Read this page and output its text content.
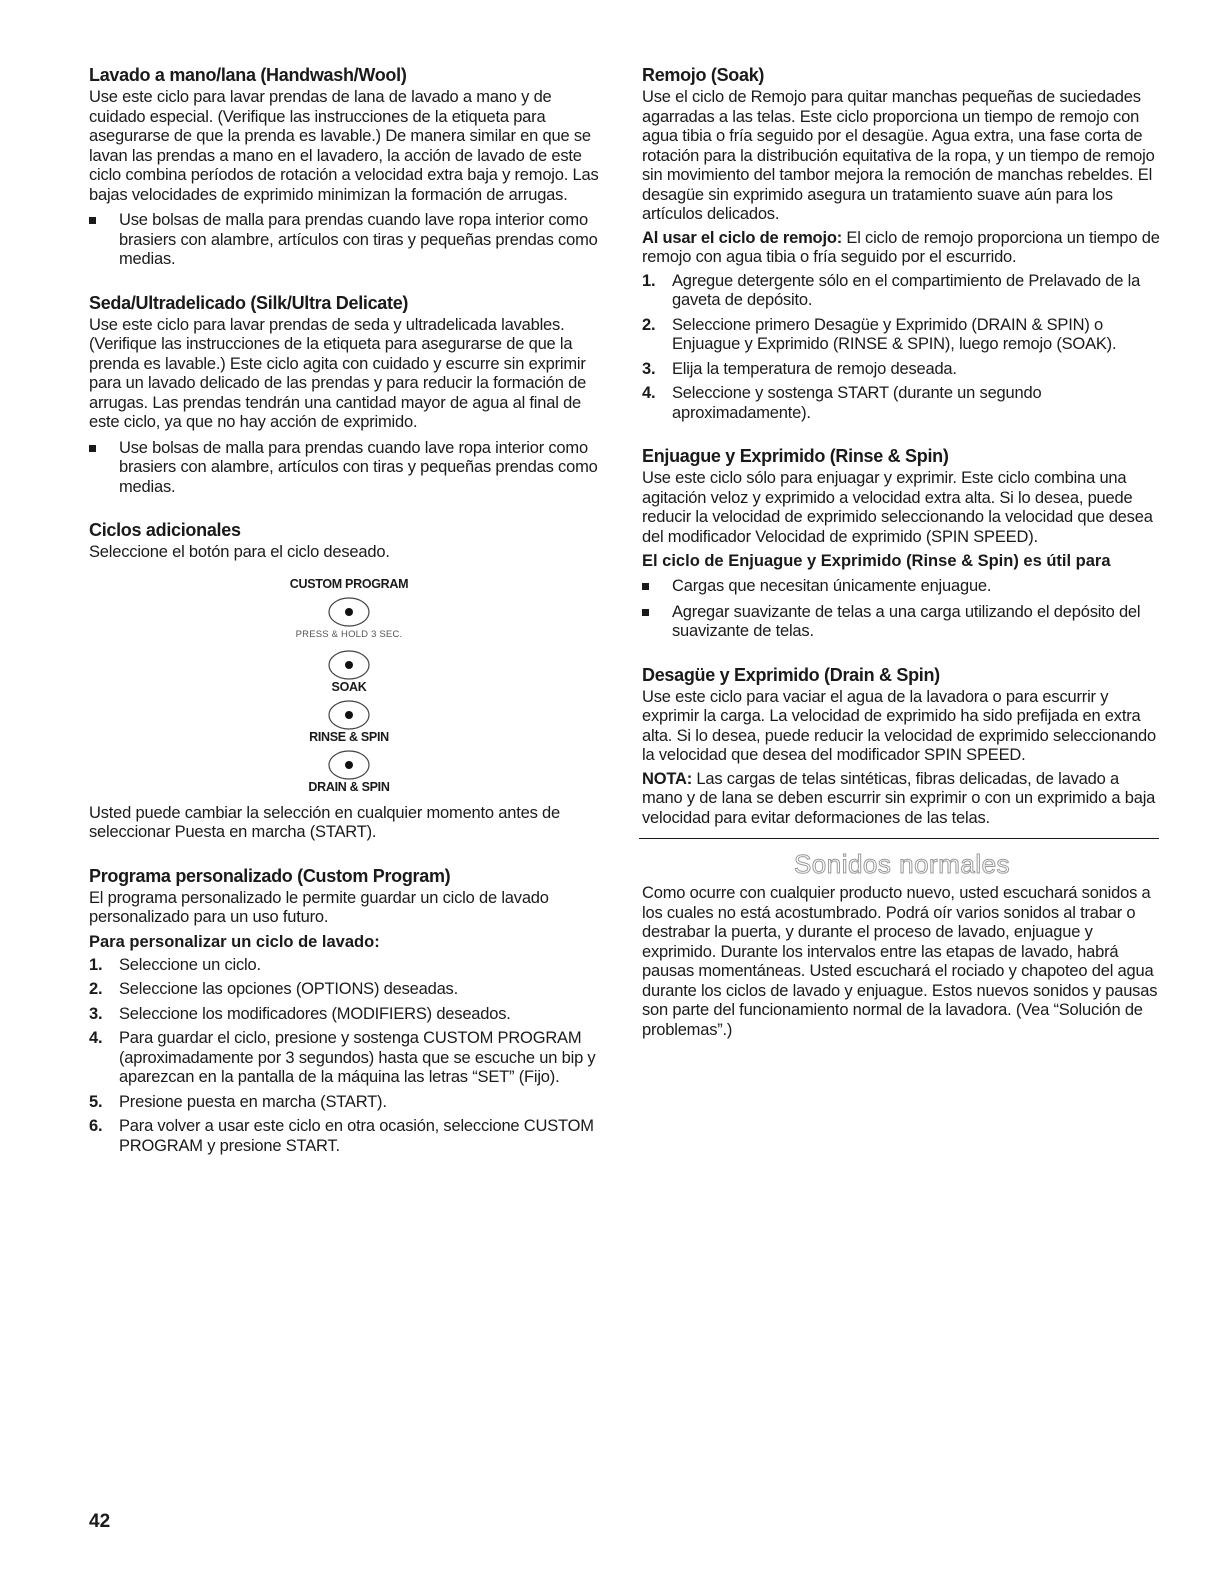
Lavado a mano/lana (Handwash/Wool)

Use este ciclo para lavar prendas de lana de lavado a mano y de cuidado especial. (Verifique las instrucciones de la etiqueta para asegurarse de que la prenda es lavable.) De manera similar en que se lavan las prendas a mano en el lavadero, la acción de lavado de este ciclo combina períodos de rotación a velocidad extra baja y remojo. Las bajas velocidades de exprimido minimizan la formación de arrugas.

Use bolsas de malla para prendas cuando lave ropa interior como brasiers con alambre, artículos con tiras y pequeñas prendas como medias.
Seda/Ultradelicado (Silk/Ultra Delicate)

Use este ciclo para lavar prendas de seda y ultradelicada lavables. (Verifique las instrucciones de la etiqueta para asegurarse de que la prenda es lavable.) Este ciclo agita con cuidado y escurre sin exprimir para un lavado delicado de las prendas y para reducir la formación de arrugas. Las prendas tendrán una cantidad mayor de agua al final de este ciclo, ya que no hay acción de exprimido.

Use bolsas de malla para prendas cuando lave ropa interior como brasiers con alambre, artículos con tiras y pequeñas prendas como medias.
Ciclos adicionales

Seleccione el botón para el ciclo deseado.

CUSTOM PROGRAM
PRESS & HOLD 3 SEC.
SOAK
RINSE & SPIN
DRAIN & SPIN

Usted puede cambiar la selección en cualquier momento antes de seleccionar Puesta en marcha (START).

Programa personalizado (Custom Program)

El programa personalizado le permite guardar un ciclo de lavado personalizado para un uso futuro.

Para personalizar un ciclo de lavado:
1. Seleccione un ciclo.
2. Seleccione las opciones (OPTIONS) deseadas.
3. Seleccione los modificadores (MODIFIERS) deseados.
4. Para guardar el ciclo, presione y sostenga CUSTOM PROGRAM (aproximadamente por 3 segundos) hasta que se escuche un bip y aparezcan en la pantalla de la máquina las letras “SET” (Fijo).
5. Presione puesta en marcha (START).
6. Para volver a usar este ciclo en otra ocasión, seleccione CUSTOM PROGRAM y presione START.
Remojo (Soak)

Use el ciclo de Remojo para quitar manchas pequeñas de suciedades agarradas a las telas. Este ciclo proporciona un tiempo de remojo con agua tibia o fría seguido por el desagüe. Agua extra, una fase corta de rotación para la distribución equitativa de la ropa, y un tiempo de remojo sin movimiento del tambor mejora la remoción de manchas rebeldes. El desagüe sin exprimido asegura un tratamiento suave aún para los artículos delicados.

Al usar el ciclo de remojo: El ciclo de remojo proporciona un tiempo de remojo con agua tibia o fría seguido por el escurrido.

1. Agregue detergente sólo en el compartimiento de Prelavado de la gaveta de depósito.
2. Seleccione primero Desagüe y Exprimido (DRAIN & SPIN) o Enjuague y Exprimido (RINSE & SPIN), luego remojo (SOAK).
3. Elija la temperatura de remojo deseada.
4. Seleccione y sostenga START (durante un segundo aproximadamente).
Enjuague y Exprimido (Rinse & Spin)

Use este ciclo sólo para enjuagar y exprimir. Este ciclo combina una agitación veloz y exprimido a velocidad extra alta. Si lo desea, puede reducir la velocidad de exprimido seleccionando la velocidad que desea del modificador Velocidad de exprimido (SPIN SPEED).

El ciclo de Enjuague y Exprimido (Rinse & Spin) es útil para
Cargas que necesitan únicamente enjuague.
Agregar suavizante de telas a una carga utilizando el depósito del suavizante de telas.
Desagüe y Exprimido (Drain & Spin)

Use este ciclo para vaciar el agua de la lavadora o para escurrir y exprimir la carga. La velocidad de exprimido ha sido prefijada en extra alta. Si lo desea, puede reducir la velocidad de exprimido seleccionando la velocidad que desea del modificador SPIN SPEED.

NOTA: Las cargas de telas sintéticas, fibras delicadas, de lavado a mano y de lana se deben escurrir sin exprimir o con un exprimido a baja velocidad para evitar deformaciones de las telas.

Sonidos normales

Como ocurre con cualquier producto nuevo, usted escuchará sonidos a los cuales no está acostumbrado. Podrá oír varios sonidos al trabar o destrabar la puerta, y durante el proceso de lavado, enjuague y exprimido. Durante los intervalos entre las etapas de lavado, habrá pausas momentáneas. Usted escuchará el rociado y chapoteo del agua durante los ciclos de lavado y enjuague. Estos nuevos sonidos y pausas son parte del funcionamiento normal de la lavadora. (Vea “Solución de problemas”.)

42
